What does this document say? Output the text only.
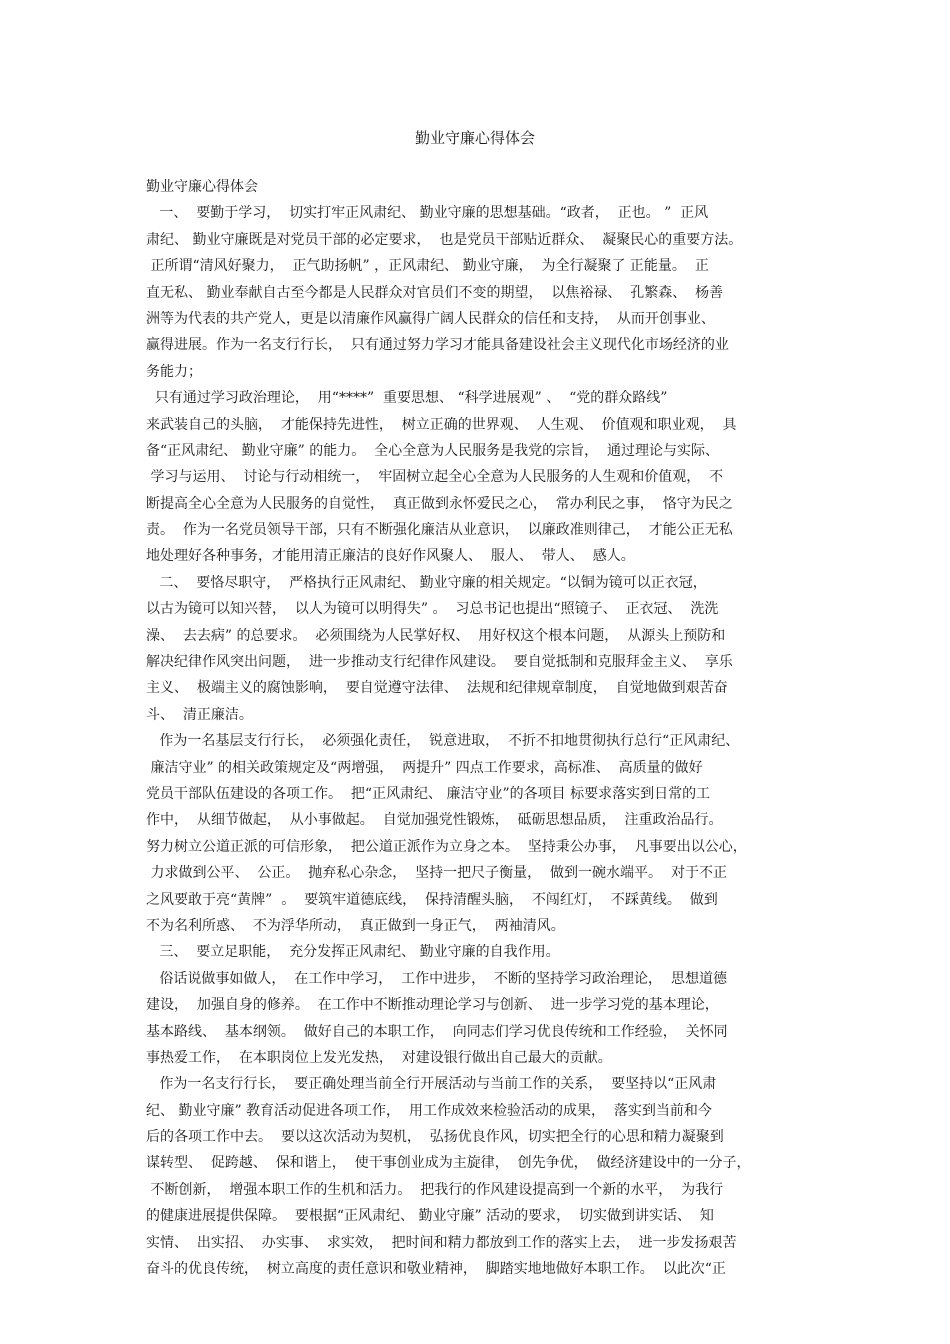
勤业守廉心得体会
勤业守廉心得体会
一、  要勤于学习，  切实打牢正风肃纪、 勤业守廉的思想基础。“政者，  正也。 ”  正风
肃纪、 勤业守廉既是对党员干部的必定要求，  也是党员干部贴近群众、  凝聚民心的重要方法。
正所谓“清风好聚力，  正气助扬帆” ，正风肃纪、 勤业守廉，  为全行凝聚了 正能量。  正
直无私、 勤业奉献自古至今都是人民群众对官员们不变的期望，  以焦裕禄、  孔繁森、  杨善
洲等为代表的共产党人，更是以清廉作风赢得广阔人民群众的信任和支持，  从而开创事业、
赢得进展。作为一名支行行长，  只有通过努力学习才能具备建设社会主义现代化市场经济的业
务能力；
只有通过学习政治理论，  用“****”  重要思想、 “科学进展观” 、  “党的群众路线”
来武装自己的头脑，  才能保持先进性，  树立正确的世界观、  人生观、  价值观和职业观，  具
备“正风肃纪、 勤业守廉” 的能力。  全心全意为人民服务是我党的宗旨，  通过理论与实际、
学习与运用、  讨论与行动相统一，  牢固树立起全心全意为人民服务的人生观和价值观，  不
断提高全心全意为人民服务的自觉性，  真正做到永怀爱民之心，  常办利民之事，  恪守为民之
责。  作为一名党员领导干部，只有不断强化廉洁从业意识，  以廉政准则律己，  才能公正无私
地处理好各种事务，才能用清正廉洁的良好作风聚人、  服人、  带人、  感人。
二、  要恪尽职守，  严格执行正风肃纪、 勤业守廉的相关规定。“以铜为镜可以正衣冠，
以古为镜可以知兴替，  以人为镜可以明得失” 。  习总书记也提出“照镜子、  正衣冠、  洗洗
澡、  去去病” 的总要求。  必须围绕为人民掌好权、  用好权这个根本问题，  从源头上预防和
解决纪律作风突出问题，  进一步推动支行纪律作风建设。  要自觉抵制和克服拜金主义、  享乐
主义、  极端主义的腐蚀影响，  要自觉遵守法律、  法规和纪律规章制度，  自觉地做到艰苦奋
斗、  清正廉洁。
作为一名基层支行行长，  必须强化责任，  锐意进取，  不折不扣地贯彻执行总行“正风肃纪、
廉洁守业” 的相关政策规定及“两增强，  两提升” 四点工作要求，高标准、  高质量的做好
党员干部队伍建设的各项工作。  把“正风肃纪、 廉洁守业”的各项目 标要求落实到日常的工
作中，  从细节做起，  从小事做起。  自觉加强党性锻炼，  砥砺思想品质，  注重政治品行。
努力树立公道正派的可信形象，  把公道正派作为立身之本。  坚持秉公办事，  凡事要出以公心，
力求做到公平、  公正。  抛弃私心杂念，  坚持一把尺子衡量，  做到一碗水端平。  对于不正
之风要敢于亮“黄牌”  。  要筑牢道德底线，  保持清醒头脑，  不闯红灯，  不踩黄线。  做到
不为名利所惑、  不为浮华所动，  真正做到一身正气，  两袖清风。
三、  要立足职能，  充分发挥正风肃纪、 勤业守廉的自我作用。
俗话说做事如做人，  在工作中学习，  工作中进步，  不断的坚持学习政治理论，  思想道德
建设，  加强自身的修养。  在工作中不断推动理论学习与创新、  进一步学习党的基本理论，
基本路线、  基本纲领。  做好自己的本职工作，  向同志们学习优良传统和工作经验，  关怀同
事热爱工作，  在本职岗位上发光发热，  对建设银行做出自己最大的贡献。
作为一名支行行长，  要正确处理当前全行开展活动与当前工作的关系，  要坚持以“正风肃
纪、 勤业守廉” 教育活动促进各项工作，  用工作成效来检验活动的成果，  落实到当前和今
后的各项工作中去。  要以这次活动为契机，  弘扬优良作风，切实把全行的心思和精力凝聚到
谋转型、  促跨越、  保和谐上，  使干事创业成为主旋律，  创先争优，  做经济建设中的一分子，
不断创新，  增强本职工作的生机和活力。  把我行的作风建设提高到一个新的水平，  为我行
的健康进展提供保障。  要根据“正风肃纪、 勤业守廉” 活动的要求，  切实做到讲实话、  知
实情、  出实招、  办实事、  求实效，  把时间和精力都放到工作的落实上去，  进一步发扬艰苦
奋斗的优良传统，  树立高度的责任意识和敬业精神，  脚踏实地地做好本职工作。  以此次“正
